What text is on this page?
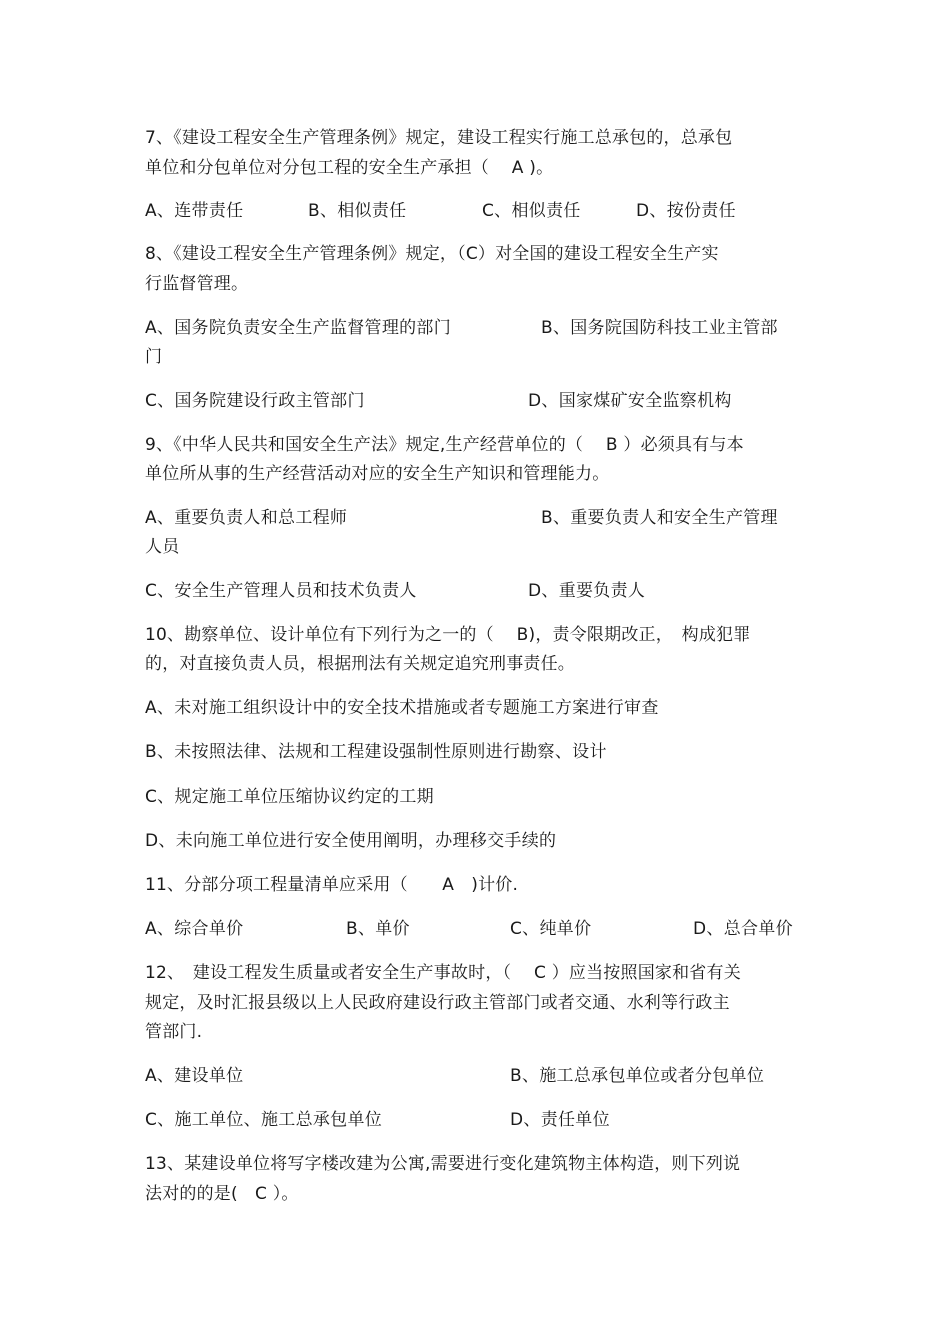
7、《建设工程安全生产管理条例》规定，建设工程实行施工总承包的，总承包
单位和分包单位对分包工程的安全生产承担（　 A )。
A、连带责任	B、相似责任	C、相似责任	D、按份责任
8、《建设工程安全生产管理条例》规定，（C）对全国的建设工程安全生产实
行监督管理。
A、国务院负责安全生产监督管理的部门	B、国务院国防科技工业主管部
门
C、国务院建设行政主管部门	D、国家煤矿安全监察机构
9、《中华人民共和国安全生产法》规定,生产经营单位的（　 B ）必须具有与本
单位所从事的生产经营活动对应的安全生产知识和管理能力。
A、重要负责人和总工程师	B、重要负责人和安全生产管理
人员
C、安全生产管理人员和技术负责人	D、重要负责人
10、勘察单位、设计单位有下列行为之一的（　 B)，责令限期改正，　构成犯罪
的，对直接负责人员，根据刑法有关规定追究刑事责任。
A、未对施工组织设计中的安全技术措施或者专题施工方案进行审查
B、未按照法律、法规和工程建设强制性原则进行勘察、设计
C、规定施工单位压缩协议约定的工期
D、未向施工单位进行安全使用阐明，办理移交手续的
11、分部分项工程量清单应采用（　　A　)计价.
A、综合单价	B、单价	C、纯单价	D、总合单价
12、　建设工程发生质量或者安全生产事故时，（　 C ）应当按照国家和省有关
规定，及时汇报县级以上人民政府建设行政主管部门或者交通、水利等行政主
管部门.
A、建设单位	B、施工总承包单位或者分包单位
C、施工单位、施工总承包单位	D、责任单位
13、某建设单位将写字楼改建为公寓,需要进行变化建筑物主体构造，则下列说
法对的的是(　C ）。
